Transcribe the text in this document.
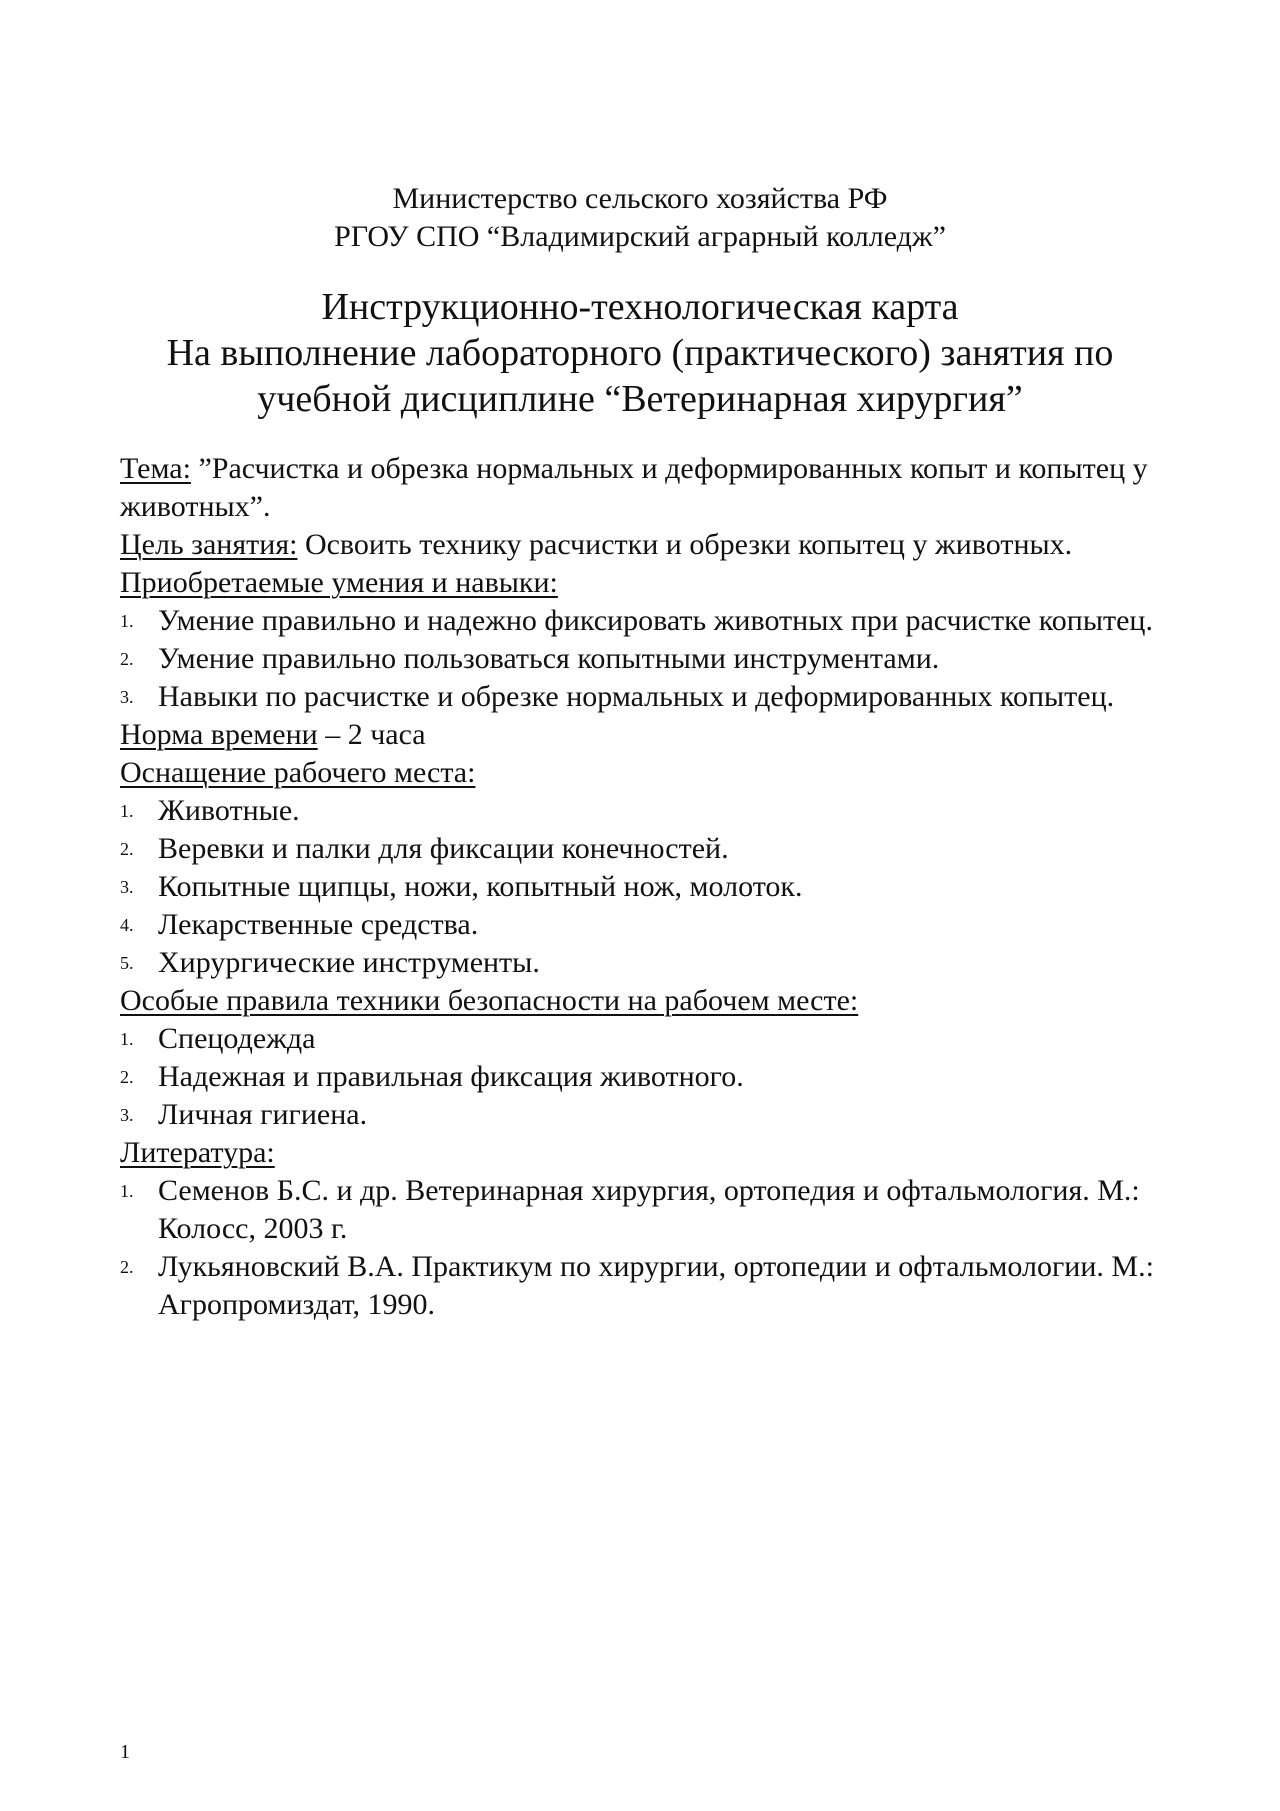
Министерство сельского хозяйства РФ
РГОУ СПО “Владимирский аграрный колледж”
Инструкционно-технологическая карта
На выполнение лабораторного (практического) занятия по
учебной дисциплине “Ветеринарная хирургия”

Тема: ”Расчистка и обрезка нормальных и деформированных копыт и копытец у животных”.

Цель занятия: Освоить технику расчистки и обрезки копытец у животных.

Приобретаемые умения и навыки:

1. Умение правильно и надежно фиксировать животных при расчистке копытец.
2. Умение правильно пользоваться копытными инструментами.
3. Навыки по расчистке и обрезке нормальных и деформированных копытец.

Норма времени – 2 часа

Оснащение рабочего места:

1. Животные.
2. Веревки и палки для фиксации конечностей.
3. Копытные щипцы, ножи, копытный нож, молоток.
4. Лекарственные средства.
5. Хирургические инструменты.

Особые правила техники безопасности на рабочем месте:

1. Спецодежда
2. Надежная и правильная фиксация животного.
3. Личная гигиена.

Литература:

1. Семенов Б.С. и др. Ветеринарная хирургия, ортопедия и офтальмология. М.: Колосс, 2003 г.
2. Лукьяновский В.А. Практикум по хирургии, ортопедии и офтальмологии. М.: Агропромиздат, 1990.
1
